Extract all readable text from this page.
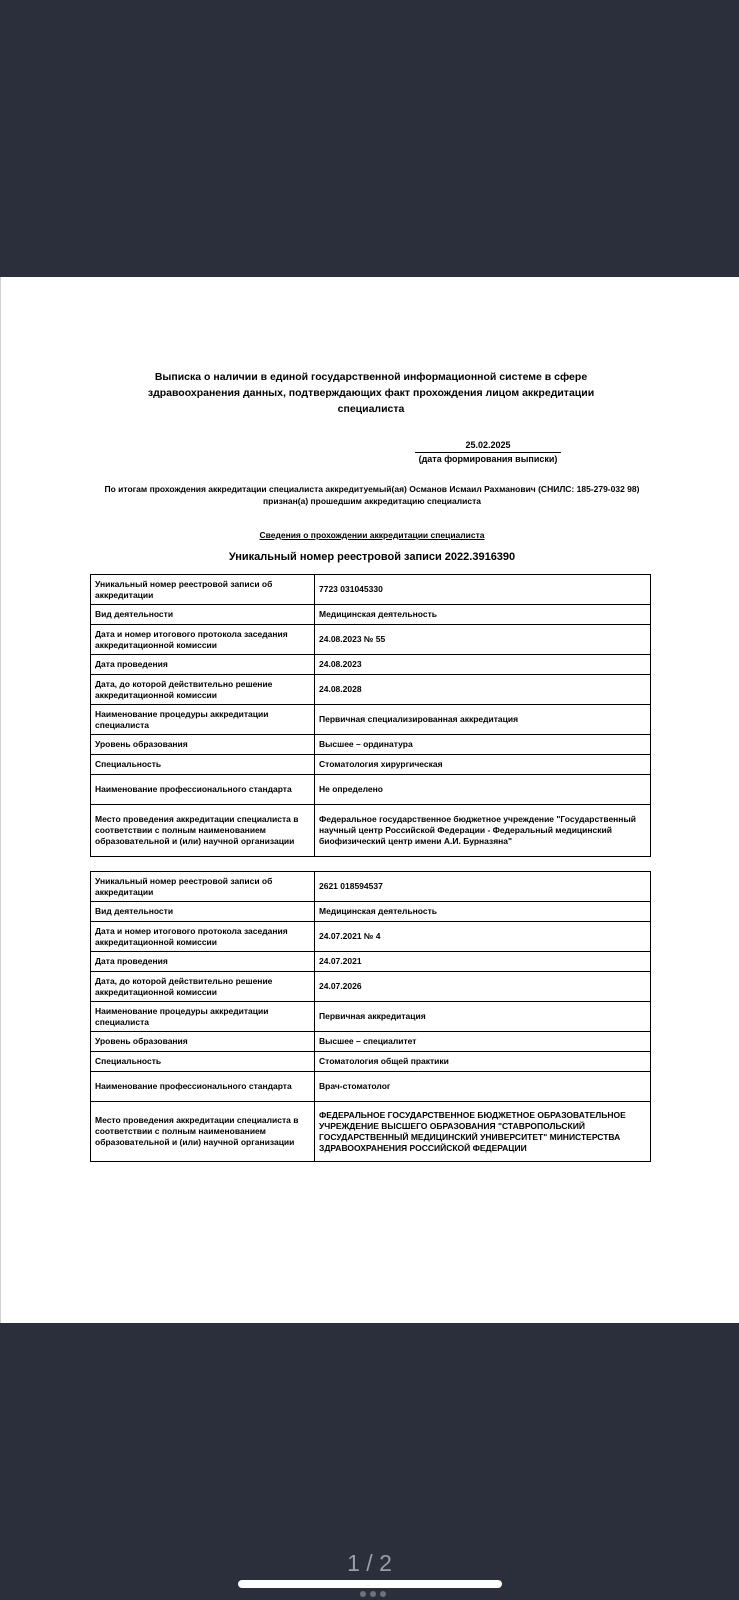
Выписка о наличии в единой государственной информационной системе в сфере здравоохранения данных, подтверждающих факт прохождения лицом аккредитации специалиста
25.02.2025
(дата формирования выписки)
По итогам прохождения аккредитации специалиста аккредитуемый(ая) Османов Исмаил Рахманович (СНИЛС: 185-279-032 98) признан(а) прошедшим аккредитацию специалиста
Сведения о прохождении аккредитации специалиста
Уникальный номер реестровой записи 2022.3916390
Уникальный номер реестровой записи об аккредитации	7723 031045330
Вид деятельности	Медицинская деятельность
Дата и номер итогового протокола заседания аккредитационной комиссии	24.08.2023 № 55
Дата проведения	24.08.2023
Дата, до которой действительно решение аккредитационной комиссии	24.08.2028
Наименование процедуры аккредитации специалиста	Первичная специализированная аккредитация
Уровень образования	Высшее – ординатура
Специальность	Стоматология хирургическая
Наименование профессионального стандарта	Не определено
Место проведения аккредитации специалиста в соответствии с полным наименованием образовательной и (или) научной организации	Федеральное государственное бюджетное учреждение "Государственный научный центр Российской Федерации - Федеральный медицинский биофизический центр имени А.И. Бурназяна"
Уникальный номер реестровой записи об аккредитации	2621 018594537
Вид деятельности	Медицинская деятельность
Дата и номер итогового протокола заседания аккредитационной комиссии	24.07.2021 № 4
Дата проведения	24.07.2021
Дата, до которой действительно решение аккредитационной комиссии	24.07.2026
Наименование процедуры аккредитации специалиста	Первичная аккредитация
Уровень образования	Высшее – специалитет
Специальность	Стоматология общей практики
Наименование профессионального стандарта	Врач-стоматолог
Место проведения аккредитации специалиста в соответствии с полным наименованием образовательной и (или) научной организации	ФЕДЕРАЛЬНОЕ ГОСУДАРСТВЕННОЕ БЮДЖЕТНОЕ ОБРАЗОВАТЕЛЬНОЕ УЧРЕЖДЕНИЕ ВЫСШЕГО ОБРАЗОВАНИЯ "СТАВРОПОЛЬСКИЙ ГОСУДАРСТВЕННЫЙ МЕДИЦИНСКИЙ УНИВЕРСИТЕТ" МИНИСТЕРСТВА ЗДРАВООХРАНЕНИЯ РОССИЙСКОЙ ФЕДЕРАЦИИ
1 / 2
